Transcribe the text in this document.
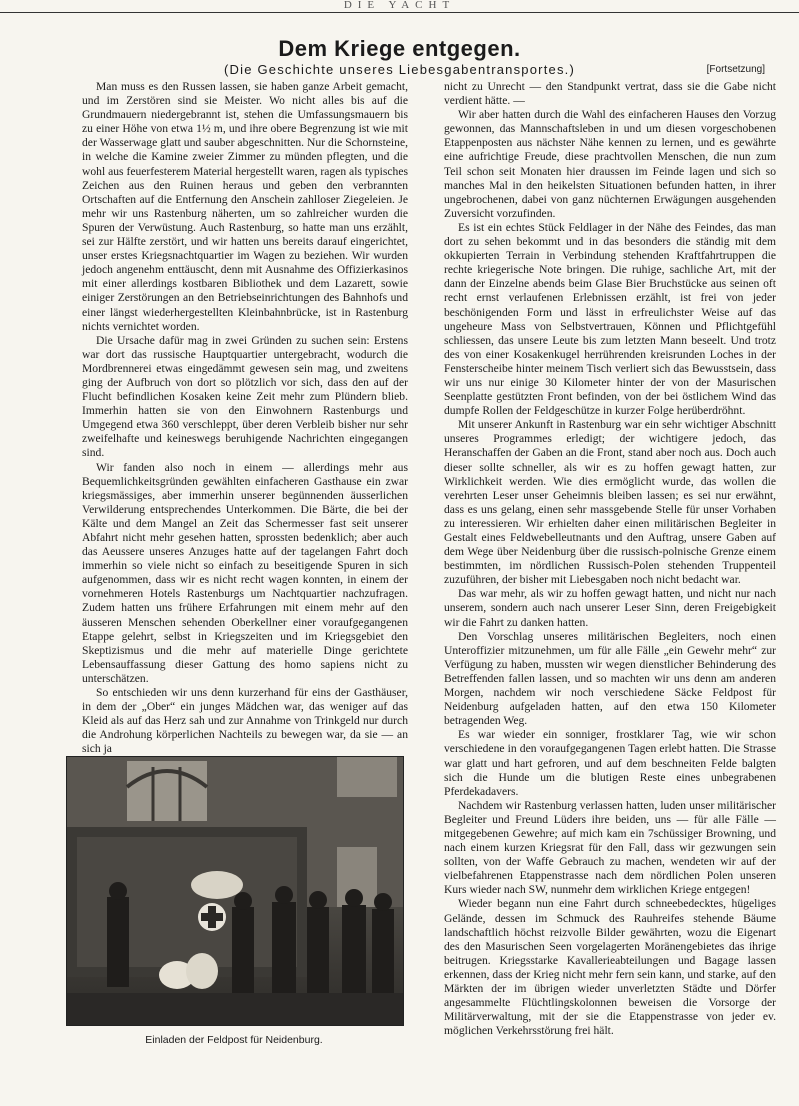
DIE YACHT
Dem Kriege entgegen.
(Die Geschichte unseres Liebesgabentransportes.)	[Fortsetzung]

Man muss es den Russen lassen, sie haben ganze Arbeit gemacht, und im Zerstören sind sie Meister. Wo nicht alles bis auf die Grundmauern niedergebrannt ist, stehen die Umfassungsmauern bis zu einer Höhe von etwa 1½ m, und ihre obere Begrenzung ist wie mit der Wasserwage glatt und sauber abgeschnitten. Nur die Schornsteine, in welche die Kamine zweier Zimmer zu münden pflegten, und die wohl aus feuerfesterem Material hergestellt waren, ragen als typisches Zeichen aus den Ruinen heraus und geben den verbrannten Ortschaften auf die Entfernung den Anschein zahlloser Ziegeleien. Je mehr wir uns Rastenburg näherten, um so zahlreicher wurden die Spuren der Verwüstung. Auch Rastenburg, so hatte man uns erzählt, sei zur Hälfte zerstört, und wir hatten uns bereits darauf eingerichtet, unser erstes Kriegsnachtquartier im Wagen zu beziehen. Wir wurden jedoch angenehm enttäuscht, denn mit Ausnahme des Offizierkasinos mit einer allerdings kostbaren Bibliothek und dem Lazarett, sowie einiger Zerstörungen an den Betriebseinrichtungen des Bahnhofs und einer längst wiederhergestellten Kleinbahnbrücke, ist in Rastenburg nichts vernichtet worden.

Die Ursache dafür mag in zwei Gründen zu suchen sein: Erstens war dort das russische Hauptquartier untergebracht, wodurch die Mordbrennerei etwas eingedämmt gewesen sein mag, und zweitens ging der Aufbruch von dort so plötzlich vor sich, dass den auf der Flucht befindlichen Kosaken keine Zeit mehr zum Plündern blieb. Immerhin hatten sie von den Einwohnern Rastenburgs und Umgegend etwa 360 verschleppt, über deren Verbleib bisher nur sehr zweifelhafte und keineswegs beruhigende Nachrichten eingegangen sind.

Wir fanden also noch in einem — allerdings mehr aus Bequemlichkeitsgründen gewählten einfacheren Gasthause ein zwar kriegsmässiges, aber immerhin unserer begünnenden äusserlichen Verwilderung entsprechendes Unterkommen. Die Bärte, die bei der Kälte und dem Mangel an Zeit das Schermesser fast seit unserer Abfahrt nicht mehr gesehen hatten, sprossten bedenklich; aber auch das Aeussere unseres Anzuges hatte auf der tagelangen Fahrt doch immerhin so viele nicht so einfach zu beseitigende Spuren in sich aufgenommen, dass wir es nicht recht wagen konnten, in einem der vornehmeren Hotels Rastenburgs um Nachtquartier nachzufragen. Zudem hatten uns frühere Erfahrungen mit einem mehr auf den äusseren Menschen sehenden Oberkellner einer voraufgegangenen Etappe gelehrt, selbst in Kriegszeiten und im Kriegsgebiet den Skeptizismus und die mehr auf materielle Dinge gerichtete Lebensauffassung dieser Gattung des homo sapiens nicht zu unterschätzen.

So entschieden wir uns denn kurzerhand für eins der Gasthäuser, in dem der „Ober“ ein junges Mädchen war, das weniger auf das Kleid als auf das Herz sah und zur Annahme von Trinkgeld nur durch die Androhung körperlichen Nachteils zu bewegen war, da sie — an sich ja

Einladen der Feldpost für Neidenburg.

nicht zu Unrecht — den Standpunkt vertrat, dass sie die Gabe nicht verdient hätte. —

Wir aber hatten durch die Wahl des einfacheren Hauses den Vorzug gewonnen, das Mannschaftsleben in und um diesen vorgeschobenen Etappenposten aus nächster Nähe kennen zu lernen, und es gewährte eine aufrichtige Freude, diese prachtvollen Menschen, die nun zum Teil schon seit Monaten hier draussen im Feinde lagen und sich so manches Mal in den heikelsten Situationen befunden hatten, in ihrer ungebrochenen, dabei von ganz nüchternen Erwägungen ausgehenden Zuversicht vorzufinden.

Es ist ein echtes Stück Feldlager in der Nähe des Feindes, das man dort zu sehen bekommt und in das besonders die ständig mit dem okkupierten Terrain in Verbindung stehenden Kraftfahrtruppen die rechte kriegerische Note bringen. Die ruhige, sachliche Art, mit der dann der Einzelne abends beim Glase Bier Bruchstücke aus seinen oft recht ernst verlaufenen Erlebnissen erzählt, ist frei von jeder beschönigenden Form und lässt in erfreulichster Weise auf das ungeheure Mass von Selbstvertrauen, Können und Pflichtgefühl schliessen, das unsere Leute bis zum letzten Mann beseelt. Und trotz des von einer Kosakenkugel herrührenden kreisrunden Loches in der Fensterscheibe hinter meinem Tisch verliert sich das Bewusstsein, dass wir uns nur einige 30 Kilometer hinter der von der Masurischen Seenplatte gestützten Front befinden, von der bei östlichem Wind das dumpfe Rollen der Feldgeschütze in kurzer Folge herüberdröhnt.

Mit unserer Ankunft in Rastenburg war ein sehr wichtiger Abschnitt unseres Programmes erledigt; der wichtigere jedoch, das Heranschaffen der Gaben an die Front, stand aber noch aus. Doch auch dieser sollte schneller, als wir es zu hoffen gewagt hatten, zur Wirklichkeit werden. Wie dies ermöglicht wurde, das wollen die verehrten Leser unser Geheimnis bleiben lassen; es sei nur erwähnt, dass es uns gelang, einen sehr massgebende Stelle für unser Vorhaben zu interessieren. Wir erhielten daher einen militärischen Begleiter in Gestalt eines Feldwebelleutnants und den Auftrag, unsere Gaben auf dem Wege über Neidenburg über die russisch-polnische Grenze einem bestimmten, im nördlichen Russisch-Polen stehenden Truppenteil zuzuführen, der bisher mit Liebesgaben noch nicht bedacht war.

Das war mehr, als wir zu hoffen gewagt hatten, und nicht nur nach unserem, sondern auch nach unserer Leser Sinn, deren Freigebigkeit wir die Fahrt zu danken hatten.

Den Vorschlag unseres militärischen Begleiters, noch einen Unteroffizier mitzunehmen, um für alle Fälle „ein Gewehr mehr“ zur Verfügung zu haben, mussten wir wegen dienstlicher Behinderung des Betreffenden fallen lassen, und so machten wir uns denn am anderen Morgen, nachdem wir noch verschiedene Säcke Feldpost für Neidenburg aufgeladen hatten, auf den etwa 150 Kilometer betragenden Weg.

Es war wieder ein sonniger, frostklarer Tag, wie wir schon verschiedene in den voraufgegangenen Tagen erlebt hatten. Die Strasse war glatt und hart gefroren, und auf dem beschneiten Felde balgten sich die Hunde um die blutigen Reste eines unbegrabenen Pferdekadavers.

Nachdem wir Rastenburg verlassen hatten, luden unser militärischer Begleiter und Freund Lüders ihre beiden, uns — für alle Fälle — mitgegebenen Gewehre; auf mich kam ein 7schüssiger Browning, und nach einem kurzen Kriegsrat für den Fall, dass wir gezwungen sein sollten, von der Waffe Gebrauch zu machen, wendeten wir auf der vielbefahrenen Etappenstrasse nach dem nördlichen Polen unseren Kurs wieder nach SW, nunmehr dem wirklichen Kriege entgegen!

Wieder begann nun eine Fahrt durch schneebedecktes, hügeliges Gelände, dessen im Schmuck des Rauhreifes stehende Bäume landschaftlich höchst reizvolle Bilder gewährten, wozu die Eigenart des den Masurischen Seen vorgelagerten Moränengebietes das ihrige beitrugen. Kriegsstarke Kavallerieabteilungen und Bagage lassen erkennen, dass der Krieg nicht mehr fern sein kann, und starke, auf den Märkten der im übrigen wieder unverletzten Städte und Dörfer angesammelte Flüchtlingskolonnen beweisen die Vorsorge der Militärverwaltung, mit der sie die Etappenstrasse von jeder ev. möglichen Verkehrsstörung frei hält.
